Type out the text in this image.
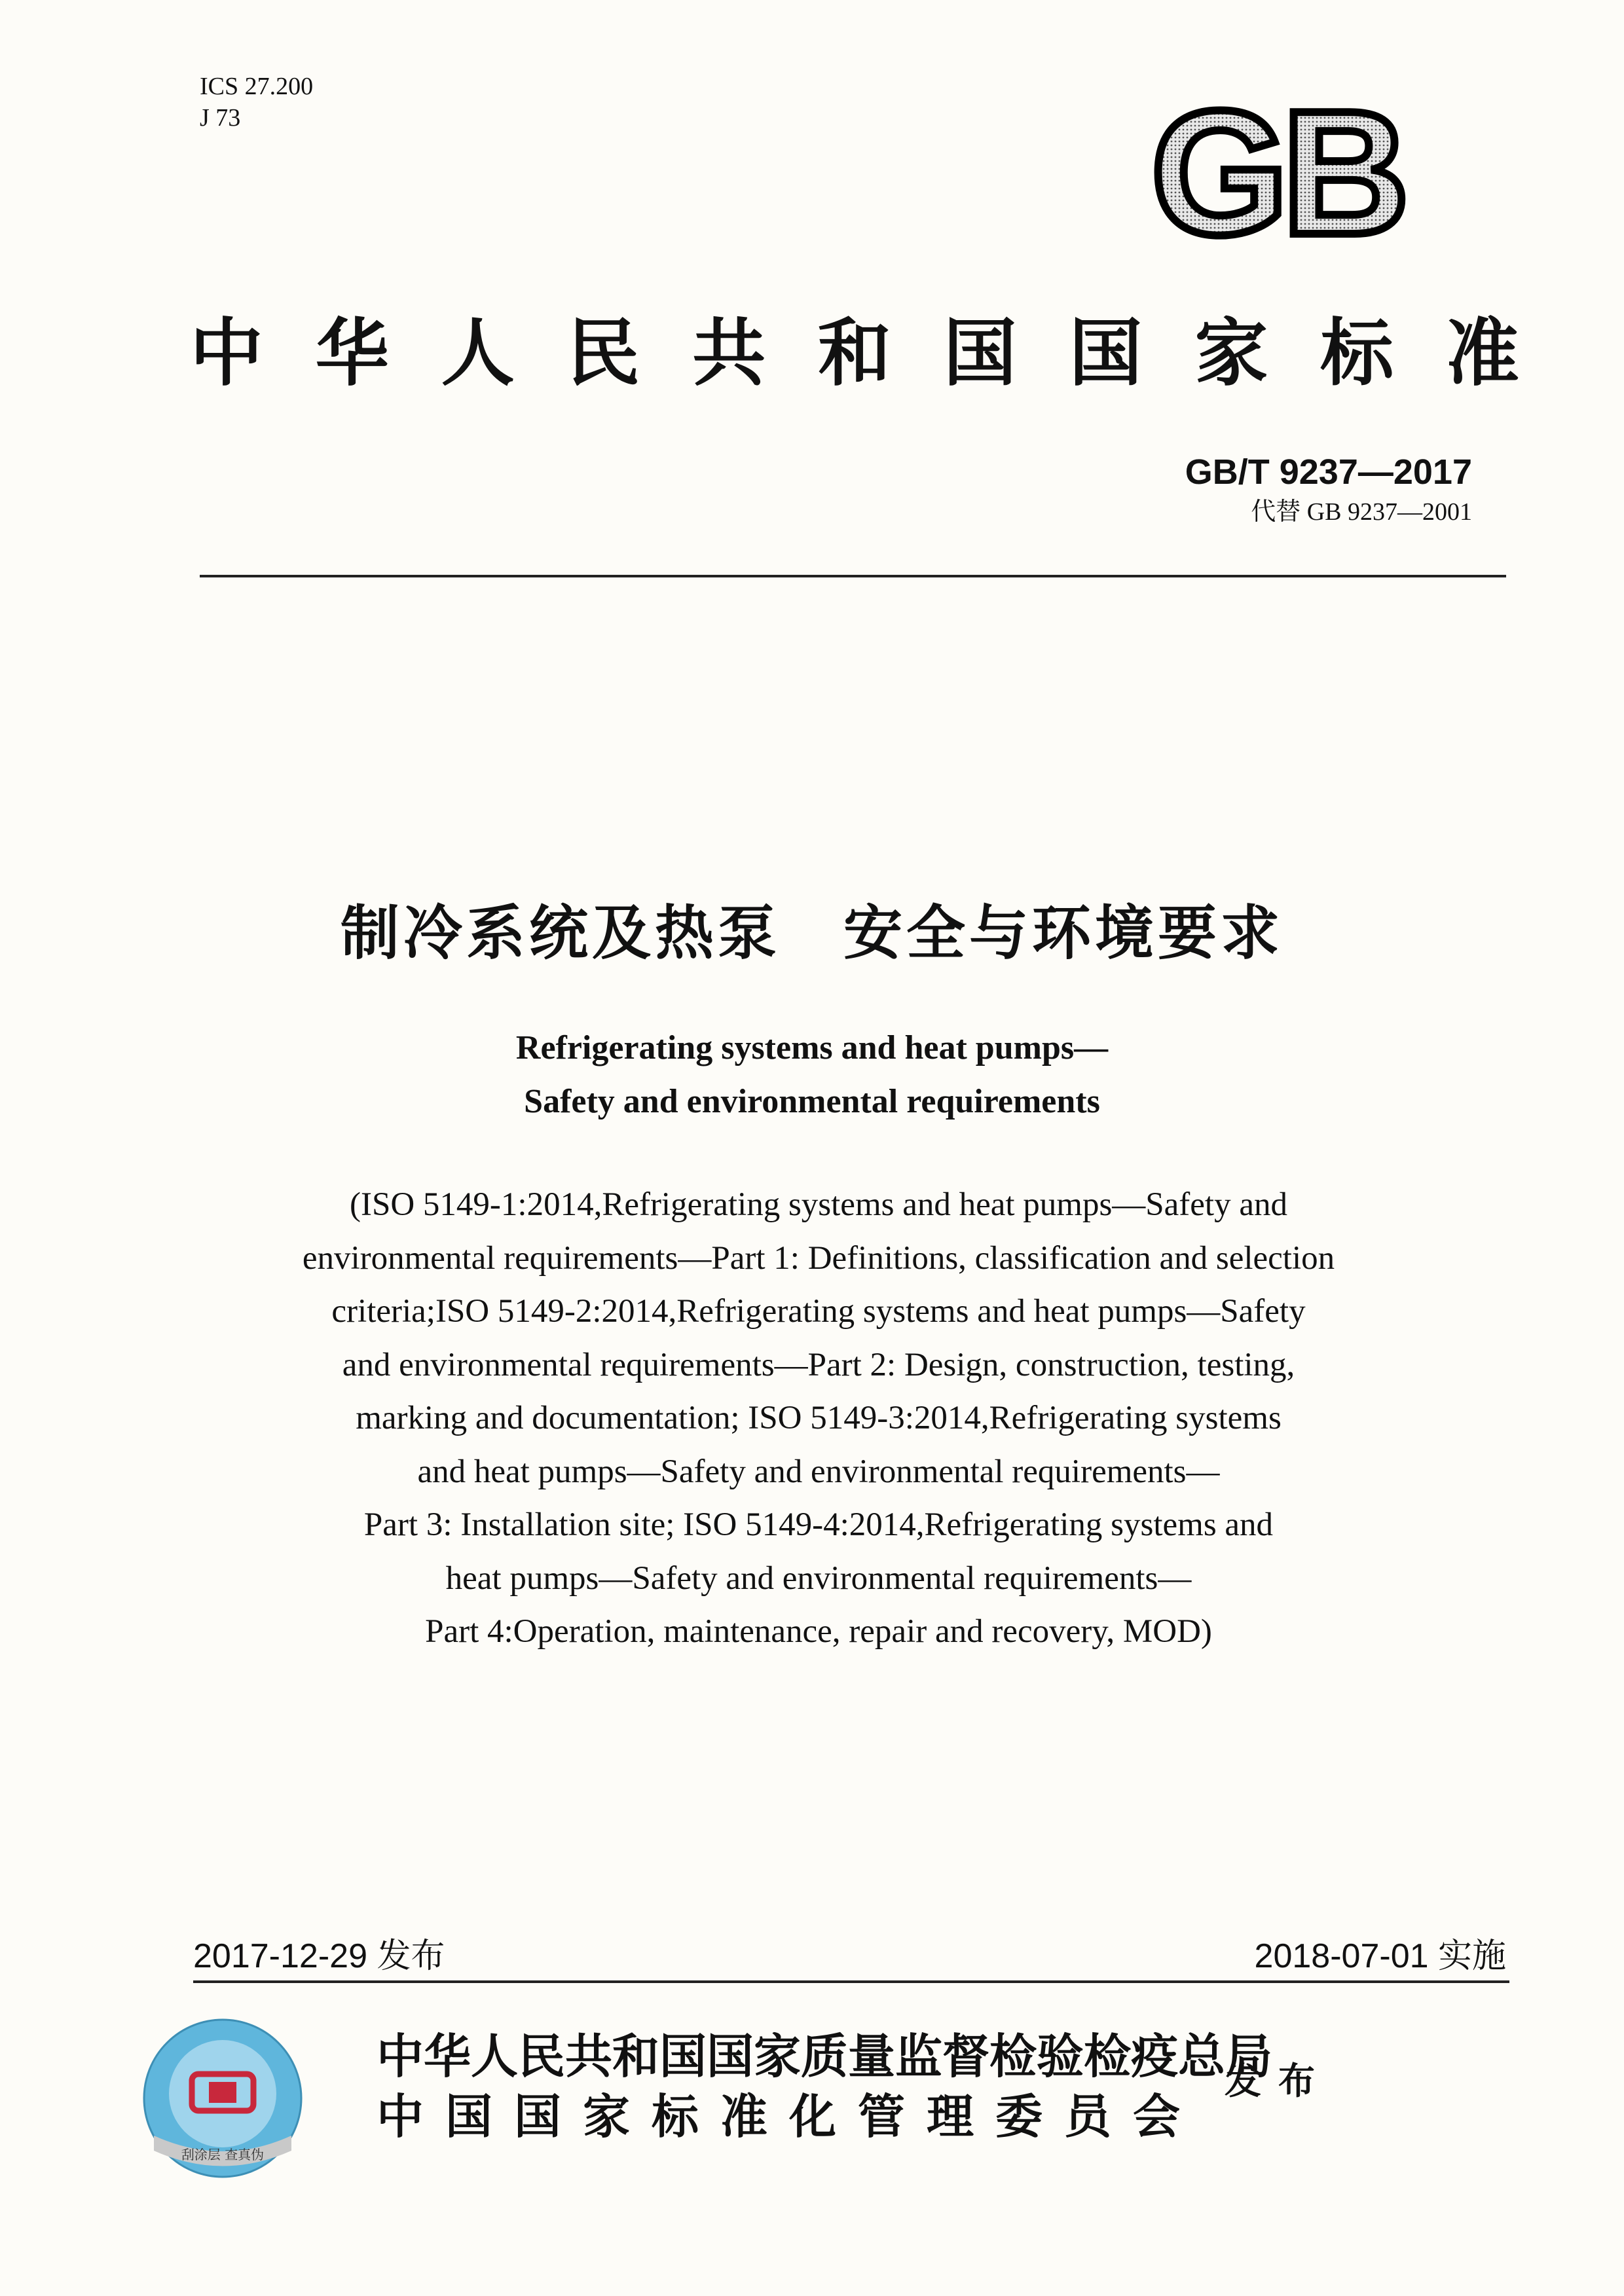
ICS 27.200
J 73	GB
中 华 人 民 共 和 国 国 家 标 准
GB/T 9237—2017
代替 GB 9237—2001
制冷系统及热泵　安全与环境要求
Refrigerating systems and heat pumps—
Safety and environmental requirements
(ISO 5149-1:2014,Refrigerating systems and heat pumps—Safety and
environmental requirements—Part 1: Definitions, classification and selection
criteria;ISO 5149-2:2014,Refrigerating systems and heat pumps—Safety
and environmental requirements—Part 2: Design, construction, testing,
marking and documentation; ISO 5149-3:2014,Refrigerating systems
and heat pumps—Safety and environmental requirements—
Part 3: Installation site; ISO 5149-4:2014,Refrigerating systems and
heat pumps—Safety and environmental requirements—
Part 4:Operation, maintenance, repair and recovery, MOD)
2017-12-29 发布	2018-07-01 实施
刮涂层 查真伪
中华人民共和国国家质量监督检验检疫总局
中国国家标准化管理委员会
发布
